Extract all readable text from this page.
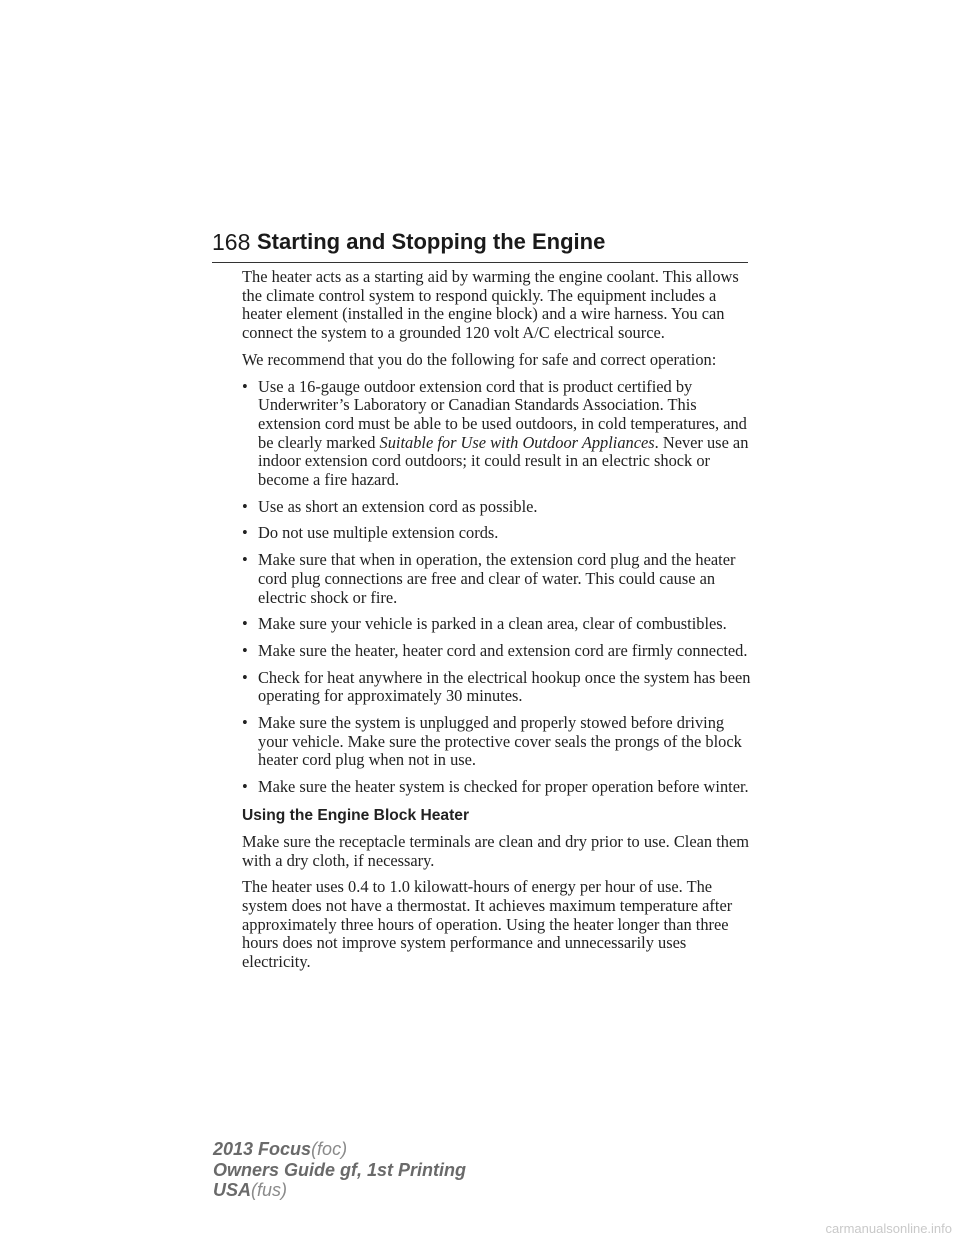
168 Starting and Stopping the Engine

The heater acts as a starting aid by warming the engine coolant. This allows the climate control system to respond quickly. The equipment includes a heater element (installed in the engine block) and a wire harness. You can connect the system to a grounded 120 volt A/C electrical source.

We recommend that you do the following for safe and correct operation:

• Use a 16-gauge outdoor extension cord that is product certified by Underwriter’s Laboratory or Canadian Standards Association. This extension cord must be able to be used outdoors, in cold temperatures, and be clearly marked Suitable for Use with Outdoor Appliances. Never use an indoor extension cord outdoors; it could result in an electric shock or become a fire hazard.
• Use as short an extension cord as possible.
• Do not use multiple extension cords.
• Make sure that when in operation, the extension cord plug and the heater cord plug connections are free and clear of water. This could cause an electric shock or fire.
• Make sure your vehicle is parked in a clean area, clear of combustibles.
• Make sure the heater, heater cord and extension cord are firmly connected.
• Check for heat anywhere in the electrical hookup once the system has been operating for approximately 30 minutes.
• Make sure the system is unplugged and properly stowed before driving your vehicle. Make sure the protective cover seals the prongs of the block heater cord plug when not in use.
• Make sure the heater system is checked for proper operation before winter.
Using the Engine Block Heater

Make sure the receptacle terminals are clean and dry prior to use. Clean them with a dry cloth, if necessary.

The heater uses 0.4 to 1.0 kilowatt-hours of energy per hour of use. The system does not have a thermostat. It achieves maximum temperature after approximately three hours of operation. Using the heater longer than three hours does not improve system performance and unnecessarily uses electricity.

2013 Focus(foc)
Owners Guide gf, 1st Printing
USA(fus)
carmanualsonline.info
